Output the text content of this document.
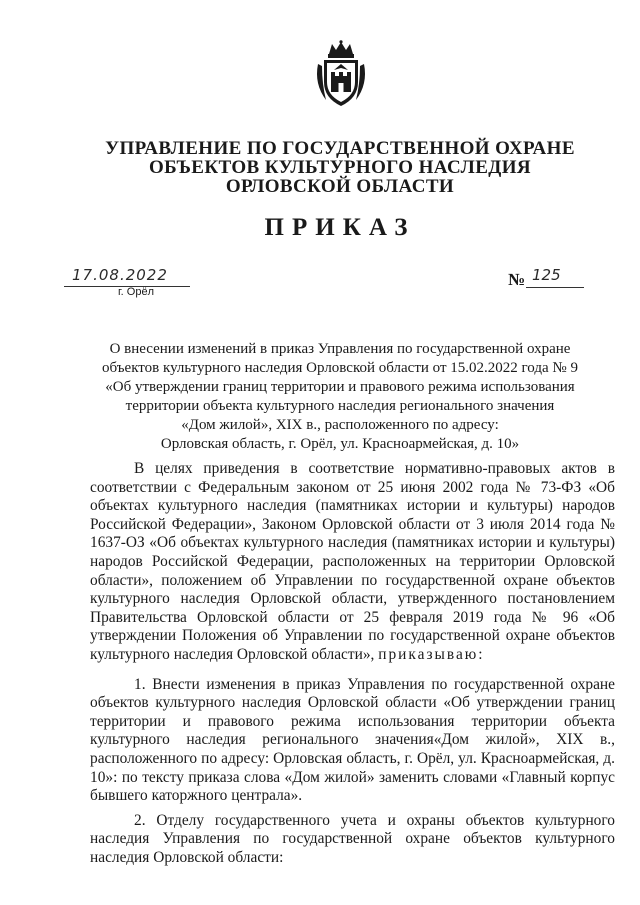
УПРАВЛЕНИЕ ПО ГОСУДАРСТВЕННОЙ ОХРАНЕ
ОБЪЕКТОВ КУЛЬТУРНОГО НАСЛЕДИЯ
ОРЛОВСКОЙ ОБЛАСТИ
ПРИКАЗ
17.08.2022
г. Орёл
№ 125
О внесении изменений в приказ Управления по государственной охране
объектов культурного наследия Орловской области от 15.02.2022 года № 9
«Об утверждении границ территории и правового режима использования
территории объекта культурного наследия регионального значения
«Дом жилой», XIX в., расположенного по адресу:
Орловская область, г. Орёл, ул. Красноармейская, д. 10»

В целях приведения в соответствие нормативно-правовых актов в соответствии с Федеральным законом от 25 июня 2002 года № 73-ФЗ «Об объектах культурного наследия (памятниках истории и культуры) народов Российской Федерации», Законом Орловской области от 3 июля 2014 года № 1637-ОЗ «Об объектах культурного наследия (памятниках истории и культуры) народов Российской Федерации, расположенных на территории Орловской области», положением об Управлении по государственной охране объектов культурного наследия Орловской области, утвержденного постановлением Правительства Орловской области от 25 февраля 2019 года № 96 «Об утверждении Положения об Управлении по государственной охране объектов культурного наследия Орловской области», приказываю:

1. Внести изменения в приказ Управления по государственной охране объектов культурного наследия Орловской области «Об утверждении границ территории и правового режима использования территории объекта культурного наследия регионального значения«Дом жилой», XIX в., расположенного по адресу: Орловская область, г. Орёл, ул. Красноармейская, д. 10»: по тексту приказа слова «Дом жилой» заменить словами «Главный корпус бывшего каторжного централа».

2. Отделу государственного учета и охраны объектов культурного наследия Управления по государственной охране объектов культурного наследия Орловской области:
